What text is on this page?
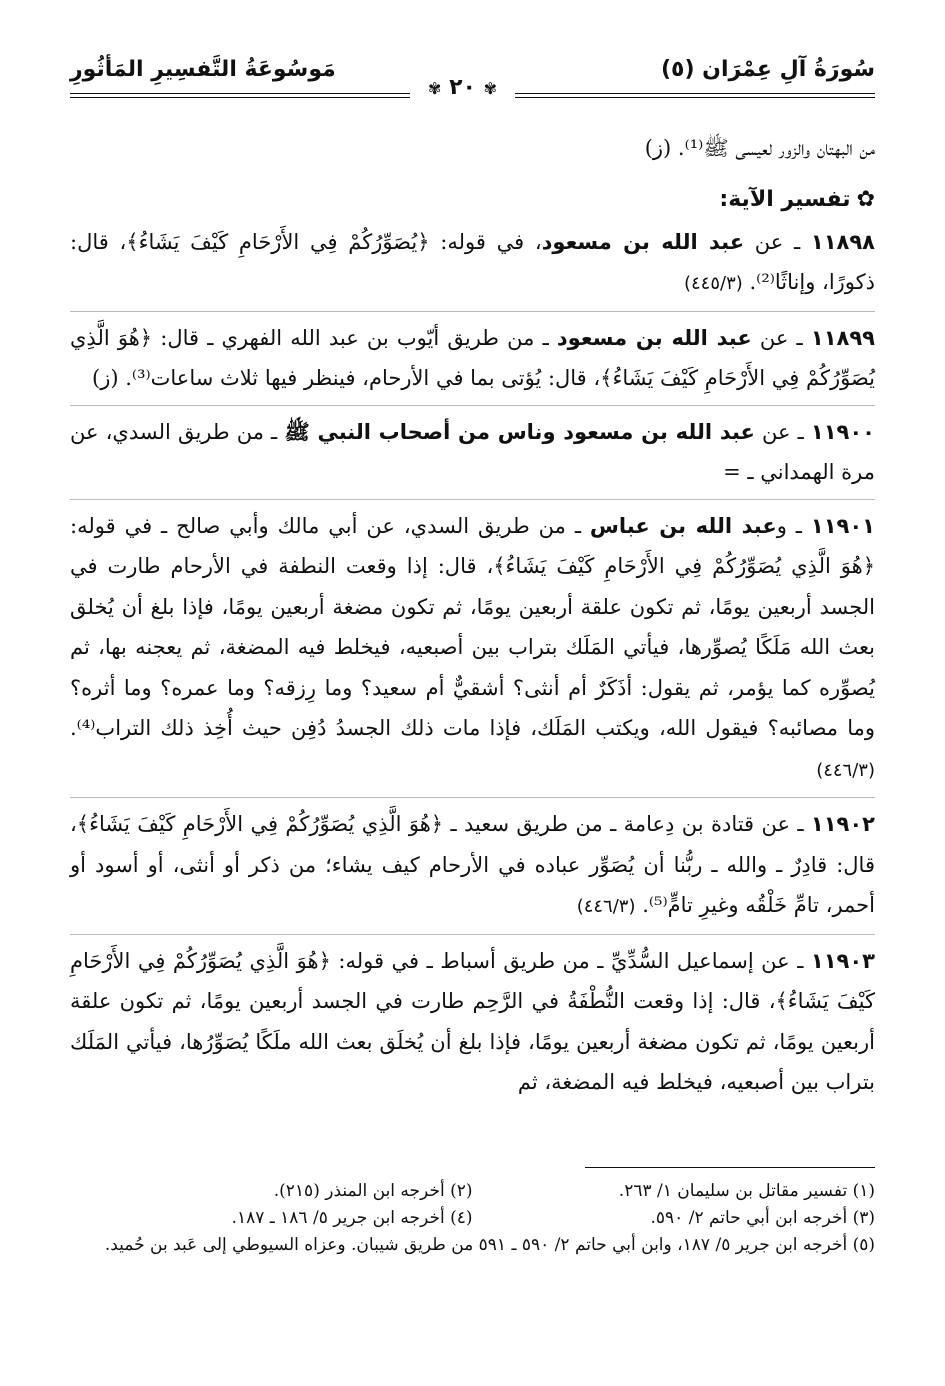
سُورَةُ آلِ عِمْرَان (٥)
مَوسُوعَةُ التَّفسِيرِ المَأثُورِ
✾ ٢٠ ✾

من البهتان والزور لعيسى ﷺ⁽¹⁾. (ز)

✿تفسير الآية:

١١٨٩٨ ـ عن عبد الله بن مسعود، في قوله: ﴿يُصَوِّرُكُمْ فِي الأَرْحَامِ كَيْفَ يَشَاءُ﴾، قال: ذكورًا، وإناثًا⁽²⁾. (٤٤٥/٣)

١١٨٩٩ ـ عن عبد الله بن مسعود ـ من طريق أيّوب بن عبد الله الفهري ـ قال: ﴿هُوَ الَّذِي يُصَوِّرُكُمْ فِي الأَرْحَامِ كَيْفَ يَشَاءُ﴾، قال: يُؤتى بما في الأرحام، فينظر فيها ثلاث ساعات⁽³⁾. (ز)

١١٩٠٠ ـ عن عبد الله بن مسعود وناس من أصحاب النبي ﷺ ـ من طريق السدي، عن مرة الهمداني ـ =

١١٩٠١ ـ وعبد الله بن عباس ـ من طريق السدي، عن أبي مالك وأبي صالح ـ في قوله: ﴿هُوَ الَّذِي يُصَوِّرُكُمْ فِي الأَرْحَامِ كَيْفَ يَشَاءُ﴾، قال: إذا وقعت النطفة في الأرحام طارت في الجسد أربعين يومًا، ثم تكون علقة أربعين يومًا، ثم تكون مضغة أربعين يومًا، فإذا بلغ أن يُخلق بعث الله مَلَكًا يُصوِّرها، فيأتي المَلَك بتراب بين أصبعيه، فيخلط فيه المضغة، ثم يعجنه بها، ثم يُصوِّره كما يؤمر، ثم يقول: أذَكَرٌ أم أنثى؟ أشقيٌّ أم سعيد؟ وما رِزقه؟ وما عمره؟ وما أثره؟ وما مصائبه؟ فيقول الله، ويكتب المَلَك، فإذا مات ذلك الجسدُ دُفِن حيث أُخِذ ذلك التراب⁽⁴⁾. (٤٤٦/٣)

١١٩٠٢ ـ عن قتادة بن دِعامة ـ من طريق سعيد ـ ﴿هُوَ الَّذِي يُصَوِّرُكُمْ فِي الأَرْحَامِ كَيْفَ يَشَاءُ﴾، قال: قادِرٌ ـ والله ـ ربُّنا أن يُصَوِّر عباده في الأرحام كيف يشاء؛ من ذكر أو أنثى، أو أسود أو أحمر، تامِّ خَلْقُه وغيرِ تامٍّ⁽⁵⁾. (٤٤٦/٣)

١١٩٠٣ ـ عن إسماعيل السُّدِّيِّ ـ من طريق أسباط ـ في قوله: ﴿هُوَ الَّذِي يُصَوِّرُكُمْ فِي الأَرْحَامِ كَيْفَ يَشَاءُ﴾، قال: إذا وقعت النُّطْفَةُ في الرَّحِم طارت في الجسد أربعين يومًا، ثم تكون علقة أربعين يومًا، ثم تكون مضغة أربعين يومًا، فإذا بلغ أن يُخلَق بعث الله ملَكًا يُصَوِّرُها، فيأتي المَلَك بتراب بين أصبعيه، فيخلط فيه المضغة، ثم

(١) تفسير مقاتل بن سليمان ١/ ٢٦٣.
(٢) أخرجه ابن المنذر (٢١٥).
(٣) أخرجه ابن أبي حاتم ٢/ ٥٩٠.
(٤) أخرجه ابن جرير ٥/ ١٨٦ ـ ١٨٧.
(٥) أخرجه ابن جرير ٥/ ١٨٧، وابن أبي حاتم ٢/ ٥٩٠ ـ ٥٩١ من طريق شيبان. وعزاه السيوطي إلى عَبد بن حُميد.
